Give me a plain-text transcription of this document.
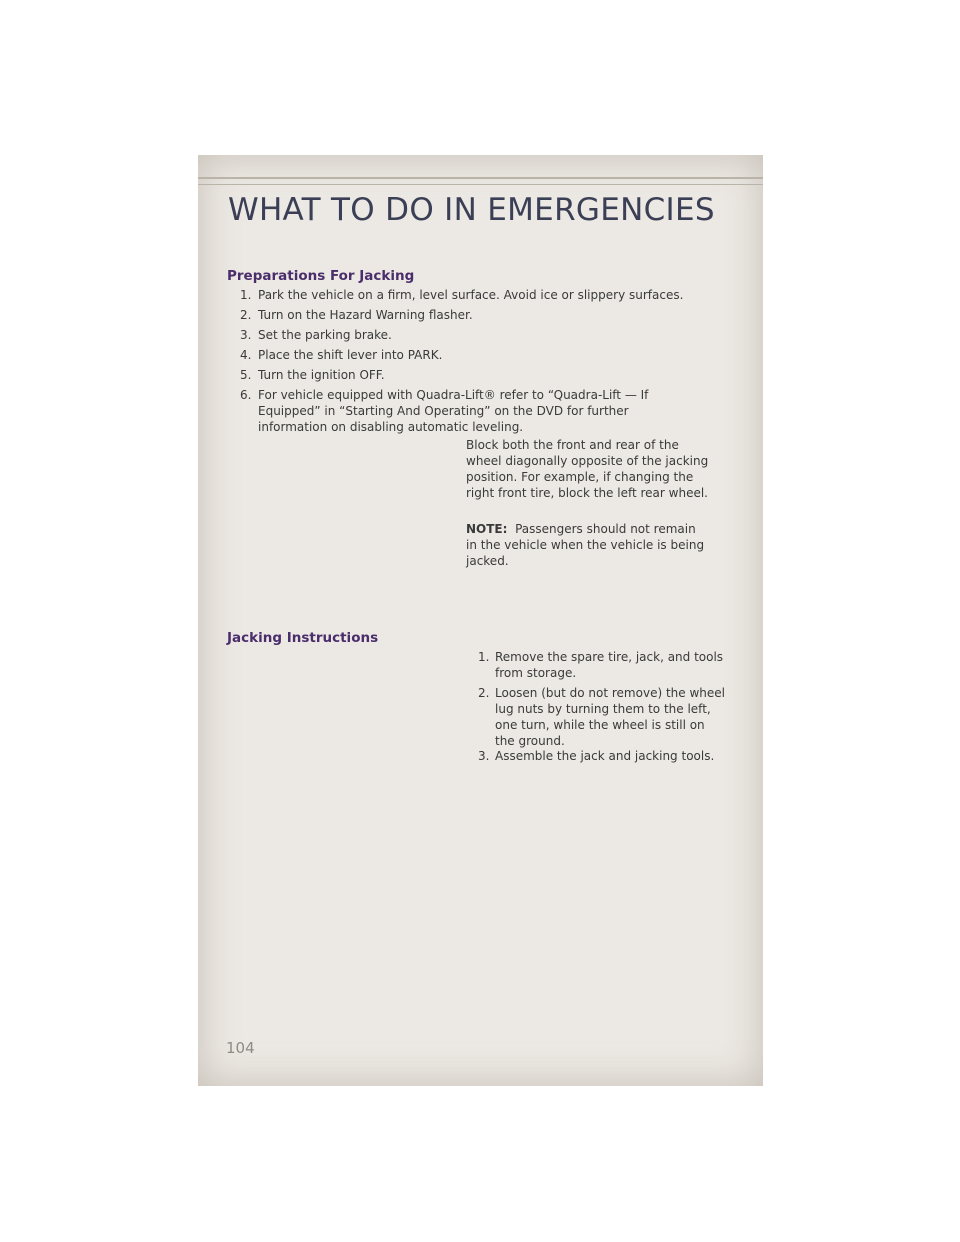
WHAT TO DO IN EMERGENCIES
Preparations For Jacking
1. Park the vehicle on a firm, level surface. Avoid ice or slippery surfaces.
2. Turn on the Hazard Warning flasher.
3. Set the parking brake.
4. Place the shift lever into PARK.
5. Turn the ignition OFF.
6. For vehicle equipped with Quadra-Lift® refer to “Quadra-Lift — If Equipped” in “Starting And Operating” on the DVD for further information on disabling automatic leveling.
Block both the front and rear of the wheel diagonally opposite of the jacking position. For example, if changing the right front tire, block the left rear wheel.
NOTE: Passengers should not remain in the vehicle when the vehicle is being jacked.
Jacking Instructions
1. Remove the spare tire, jack, and tools from storage.
2. Loosen (but do not remove) the wheel lug nuts by turning them to the left, one turn, while the wheel is still on the ground.
3. Assemble the jack and jacking tools.
104
